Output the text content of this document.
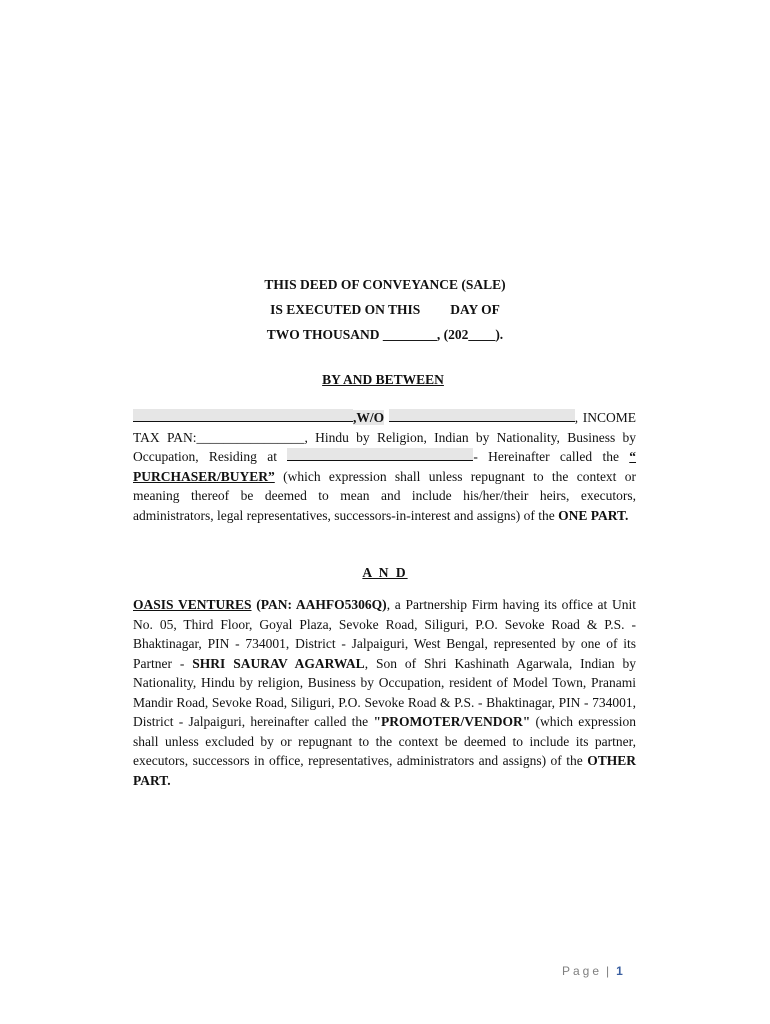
THIS DEED OF CONVEYANCE (SALE)
IS EXECUTED ON THIS DAY OF
TWO THOUSAND ________, (202____).
BY AND BETWEEN
,W/O	, INCOME TAX PAN:________________, Hindu by Religion, Indian by Nationality, Business by Occupation, Residing at	- Hereinafter called the “ PURCHASER/BUYER” (which expression shall unless repugnant to the context or meaning thereof be deemed to mean and include his/her/their heirs, executors, administrators, legal representatives, successors-in-interest and assigns) of the ONE PART.
A N D
OASIS VENTURES (PAN: AAHFO5306Q), a Partnership Firm having its office at Unit No. 05, Third Floor, Goyal Plaza, Sevoke Road, Siliguri, P.O. Sevoke Road & P.S. - Bhaktinagar, PIN - 734001, District - Jalpaiguri, West Bengal, represented by one of its Partner - SHRI SAURAV AGARWAL, Son of Shri Kashinath Agarwala, Indian by Nationality, Hindu by religion, Business by Occupation, resident of Model Town, Pranami Mandir Road, Sevoke Road, Siliguri, P.O. Sevoke Road & P.S. - Bhaktinagar, PIN - 734001, District - Jalpaiguri, hereinafter called the "PROMOTER/VENDOR" (which expression shall unless excluded by or repugnant to the context be deemed to include its partner, executors, successors in office, representatives, administrators and assigns) of the OTHER PART.
Page | 1
